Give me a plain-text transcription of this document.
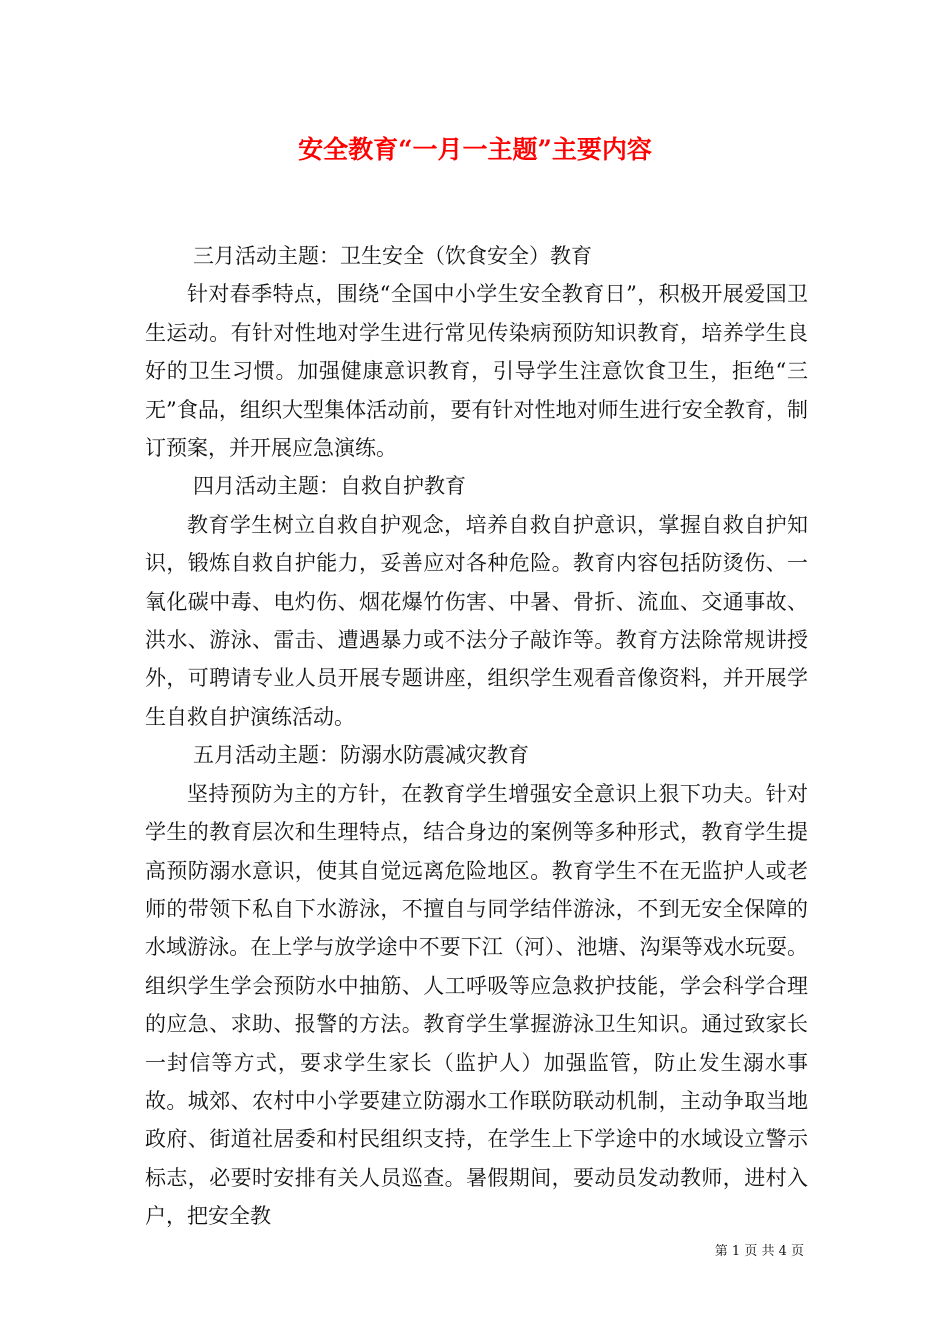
安全教育“一月一主题”主要内容

三月活动主题：卫生安全（饮食安全）教育

针对春季特点，围绕“全国中小学生安全教育日”，积极开展爱国卫生运动。有针对性地对学生进行常见传染病预防知识教育，培养学生良好的卫生习惯。加强健康意识教育，引导学生注意饮食卫生，拒绝“三无”食品，组织大型集体活动前，要有针对性地对师生进行安全教育，制订预案，并开展应急演练。

四月活动主题：自救自护教育

教育学生树立自救自护观念，培养自救自护意识，掌握自救自护知识，锻炼自救自护能力，妥善应对各种危险。教育内容包括防烫伤、一氧化碳中毒、电灼伤、烟花爆竹伤害、中暑、骨折、流血、交通事故、洪水、游泳、雷击、遭遇暴力或不法分子敲诈等。教育方法除常规讲授外，可聘请专业人员开展专题讲座，组织学生观看音像资料，并开展学生自救自护演练活动。

五月活动主题：防溺水防震减灾教育

坚持预防为主的方针，在教育学生增强安全意识上狠下功夫。针对学生的教育层次和生理特点，结合身边的案例等多种形式，教育学生提高预防溺水意识，使其自觉远离危险地区。教育学生不在无监护人或老师的带领下私自下水游泳，不擅自与同学结伴游泳，不到无安全保障的水域游泳。在上学与放学途中不要下江（河）、池塘、沟渠等戏水玩耍。组织学生学会预防水中抽筋、人工呼吸等应急救护技能，学会科学合理的应急、求助、报警的方法。教育学生掌握游泳卫生知识。通过致家长一封信等方式，要求学生家长（监护人）加强监管，防止发生溺水事故。城郊、农村中小学要建立防溺水工作联防联动机制，主动争取当地政府、街道社居委和村民组织支持，在学生上下学途中的水域设立警示标志，必要时安排有关人员巡查。暑假期间，要动员发动教师，进村入户，把安全教

第 1 页 共 4 页
